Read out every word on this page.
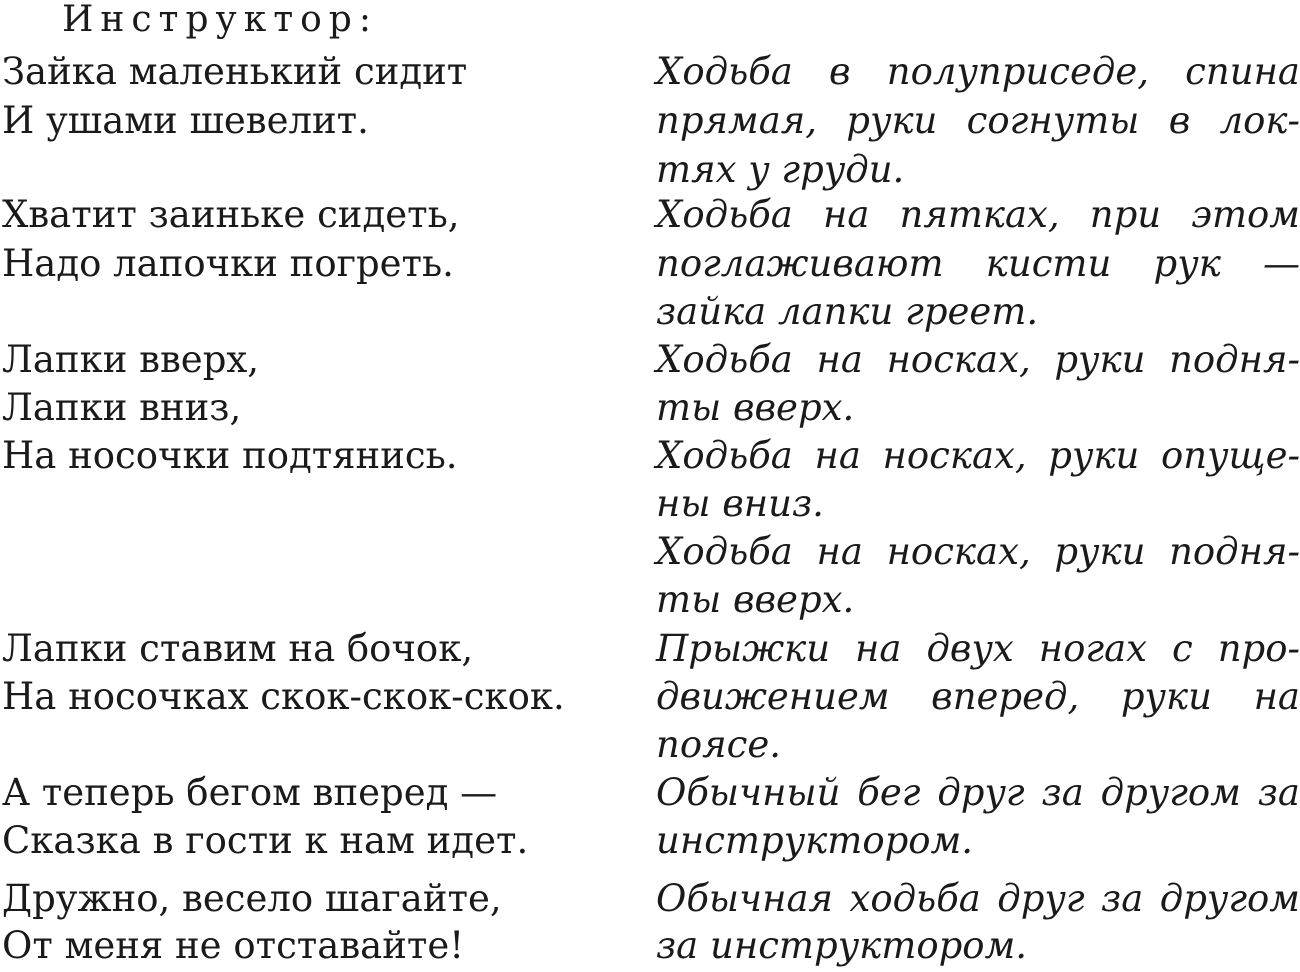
Инструктор:
Зайка маленький сидит
И ушами шевелит.
Хватит заиньке сидеть,
Надо лапочки погреть.
Лапки вверх,
Лапки вниз,
На носочки подтянись.
Лапки ставим на бочок,
На носочках скок-скок-скок.
А теперь бегом вперед —
Сказка в гости к нам идет.
Дружно, весело шагайте,
От меня не отставайте!
Ходьба в полуприседе, спина
прямая, руки согнуты в лок-
тях у груди.
Ходьба на пятках, при этом
поглаживают кисти рук —
зайка лапки греет.
Ходьба на носках, руки подня-
ты вверх.
Ходьба на носках, руки опуще-
ны вниз.
Ходьба на носках, руки подня-
ты вверх.
Прыжки на двух ногах с про-
движением вперед, руки на
поясе.
Обычный бег друг за другом за
инструктором.
Обычная ходьба друг за другом
за инструктором.
